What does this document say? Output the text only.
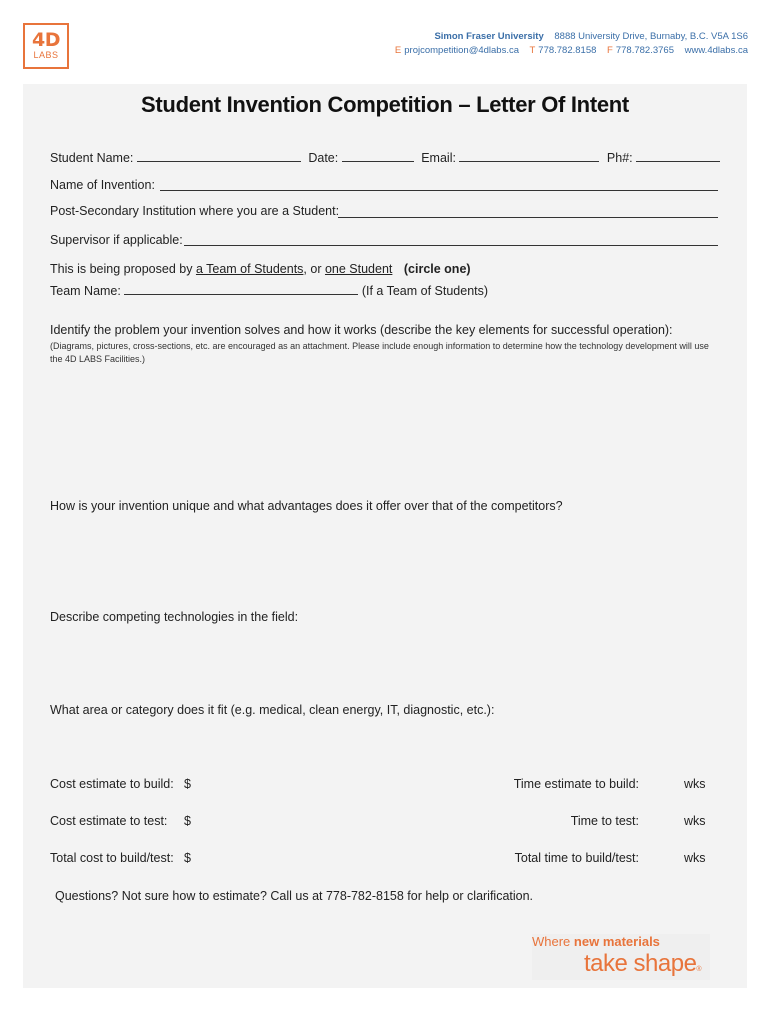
4D
LABS
Simon Fraser University 8888 University Drive, Burnaby, B.C. V5A 1S6
E projcompetition@4dlabs.ca T 778.782.8158 F 778.782.3765 www.4dlabs.ca
Student Invention Competition – Letter Of Intent
Student Name:	Date:	Email:	Ph#:
Name of Invention:
Post-Secondary Institution where you are a Student:
Supervisor if applicable:
This is being proposed by a Team of Students, or one Student (circle one)
Team Name:	(If a Team of Students)
Identify the problem your invention solves and how it works (describe the key elements for successful operation):
(Diagrams, pictures, cross-sections, etc. are encouraged as an attachment. Please include enough information to determine how the technology development will use the 4D LABS Facilities.)
How is your invention unique and what advantages does it offer over that of the competitors?
Describe competing technologies in the field:
What area or category does it fit (e.g. medical, clean energy, IT, diagnostic, etc.):
Cost estimate to build: $	Time estimate to build:	wks
Cost estimate to test: $	Time to test:	wks
Total cost to build/test: $	Total time to build/test:	wks
Questions? Not sure how to estimate? Call us at 778-782-8158 for help or clarification.
Where new materials
take shape®
